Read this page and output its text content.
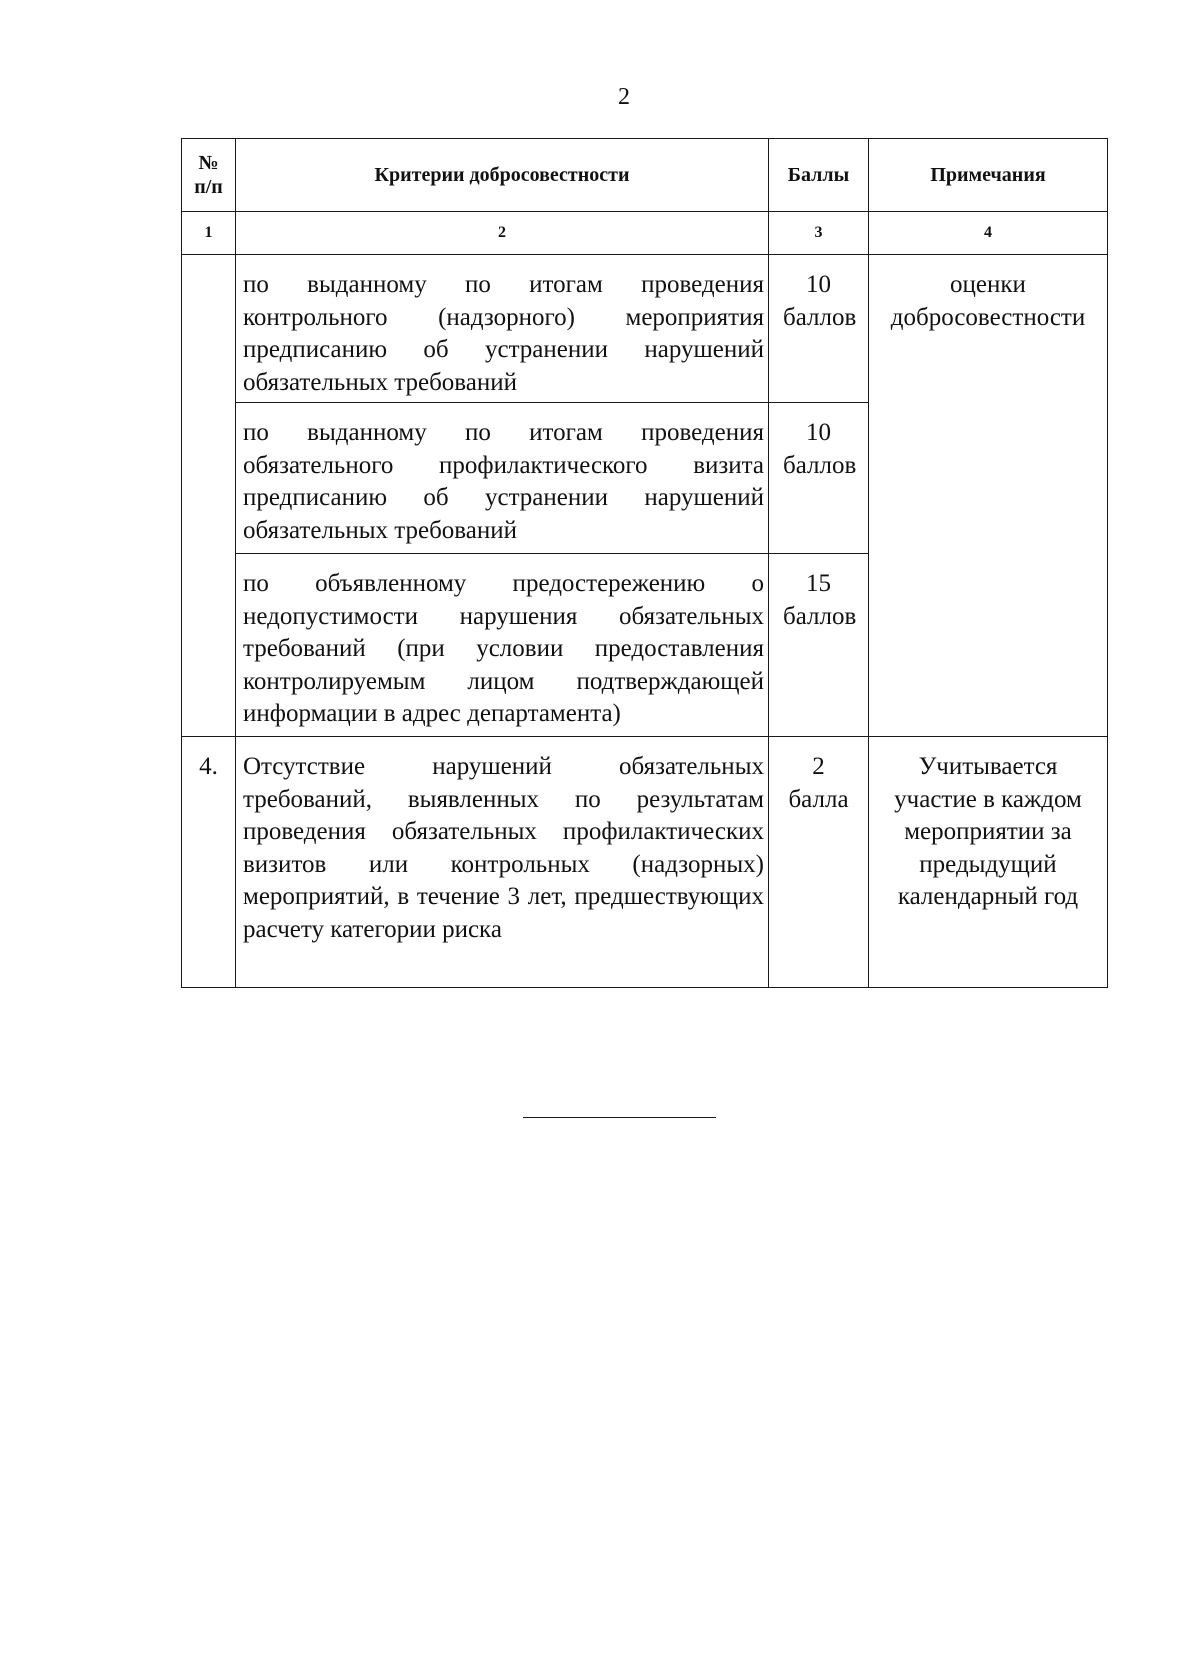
2
№ п/п	Критерии добросовестности	Баллы	Примечания
1	2	3	4

	по выданному по итогам проведения контрольного (надзорного) мероприятия предписанию об устранении нарушений обязательных требований	10 баллов	оценки добросовестности

	по выданному по итогам проведения обязательного профилактического визита предписанию об устранении нарушений обязательных требований	10 баллов	

	по объявленному предостережению о недопустимости нарушения обязательных требований (при условии предоставления контролируемым лицом подтверждающей информации в адрес департамента)	15 баллов	

4.	Отсутствие нарушений обязательных требований, выявленных по результатам проведения обязательных профилактических визитов или контрольных (надзорных) мероприятий, в течение 3 лет, предшествующих расчету категории риска	2 балла	Учитывается участие в каждом мероприятии за предыдущий календарный год
